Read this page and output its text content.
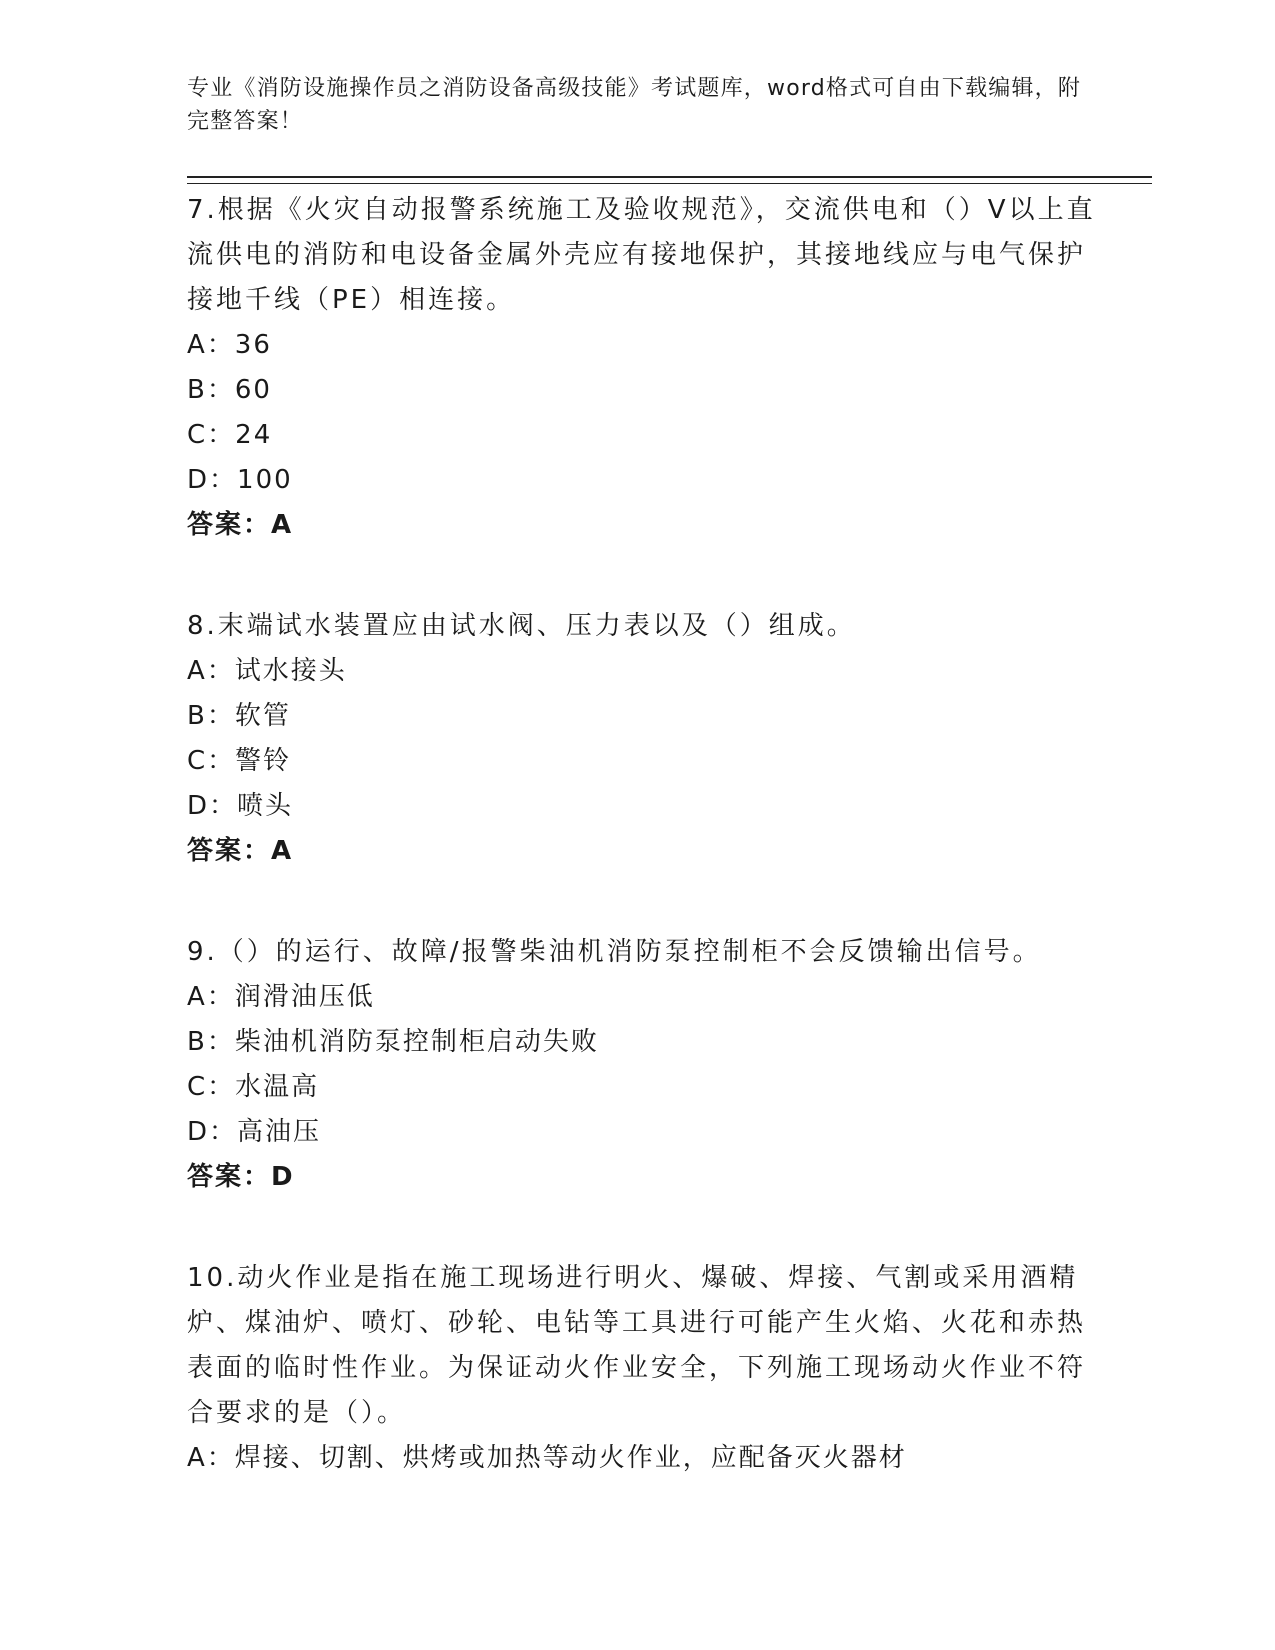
专业《消防设施操作员之消防设备高级技能》考试题库，word格式可自由下载编辑，附完整答案！

7.根据《火灾自动报警系统施工及验收规范》，交流供电和（）V以上直流供电的消防和电设备金属外壳应有接地保护，其接地线应与电气保护接地千线（PE）相连接。

A：36

B：60

C：24

D：100

答案：A

8.末端试水装置应由试水阀、压力表以及（）组成。

A：试水接头

B：软管

C：警铃

D：喷头

答案：A

9.（）的运行、故障/报警柴油机消防泵控制柜不会反馈输出信号。

A：润滑油压低

B：柴油机消防泵控制柜启动失败

C：水温高

D：高油压

答案：D

10.动火作业是指在施工现场进行明火、爆破、焊接、气割或采用酒精炉、煤油炉、喷灯、砂轮、电钻等工具进行可能产生火焰、火花和赤热表面的临时性作业。为保证动火作业安全，下列施工现场动火作业不符合要求的是（）。

A：焊接、切割、烘烤或加热等动火作业，应配备灭火器材
